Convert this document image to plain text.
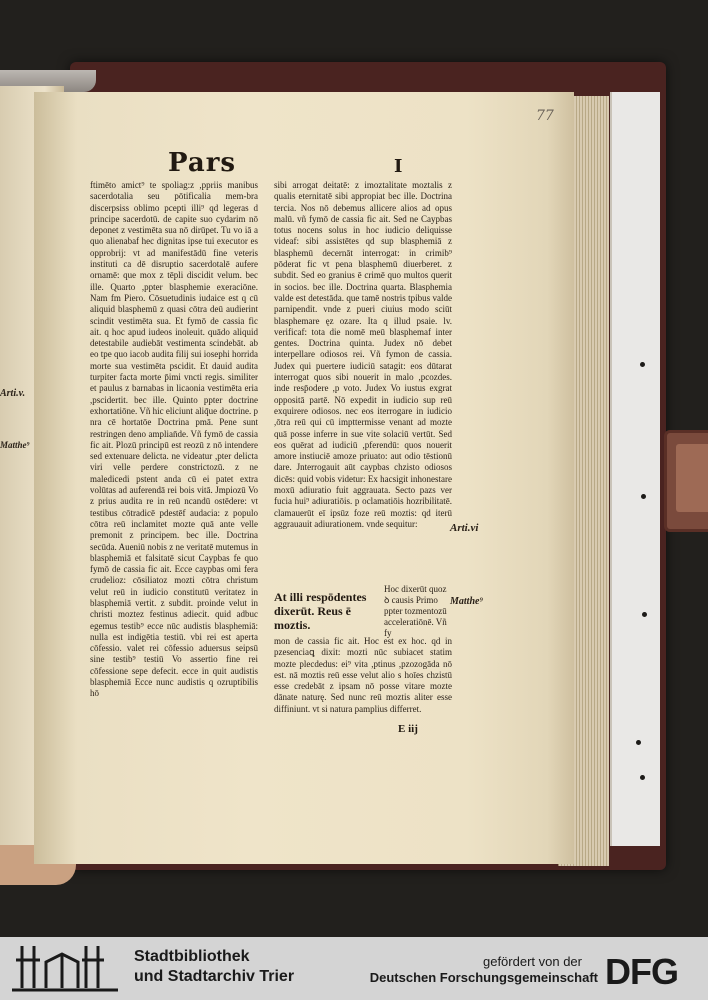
77
Pars	I

ftimēto amict⁹ te spoliag:z ,ppriis manibus sacerdotalia seu pōtificalia mem-bra discerpsiss oblimo pcepti illi⁹ qd legeras d principe sacerdotū. de capite suo cydarim nō deponet z vestimēta sua nō dirūpet. Tu vo iā a quo alienabaf hec dignitas ipse tui executor es opprobrij: vt ad manifestādū fine veteris instituti ca dē disruptio sacerdotalē aufere ornamē: que mox z tēpli discidit velum. bec ille. Quarto ,ppter blasphemie exeraciōne. Nam fm Piero. Cōsuetudinis iudaice est q cū aliquid blasphemū z quasi cōtra deū audierint scindit vestimēta sua. Et fymō de cassia fic ait. q hoc apud iudeos inoleuit. quādo aliquid detestabile audiebāt vestimenta scindebāt. ab eo tpe quo iacob audita filij sui iosephi horrida morte sua vestimēta pscidit. Et dauid audita turpiter facta morte p̄imi vncti regis. similiter et paulus z barnabas in licaonia vestimēta eria ,pscidertit. bec ille. Quinto ppter doctrine exhortatiōne. Vñ hic eliciunt aliq̄ue doctrine. p nra cē hortatōe Doctrina pmā. Pene sunt restringen deno amplian̄de. Vñ fymō de cassia fic ait. Plozū principū est reozū z nō intendere sed extenuare delicta. ne videatur ,pter delicta viri velle perdere constrictozū. z ne maledicedi pstent anda cū ei patet extra volūtas ad auferendā rei bois vitā. Jmpiozū Vo z prius audita re in reū ncandū ostēdere: vt testibus cōtradicē pdestēf audacia: z populo cōtra reū inclamitet mozte quā ante velle premonit z principem. bec ille. Doctrina secūda. Aueniū nobis z ne veritatē mutemus in blasphemiā et falsitatē sicut Caypbas fe quo fymō de cassia fic ait. Ecce caypbas omi fera crudelioz: cōsiliatoz mozti cōtra christum velut reū in iudicio constitutū veritatez in blasphemiā vertit. z subdit. proinde velut in christi moztez festinus adiecit. quid adbuc egemus testib⁹ ecce nūc audistis blasphemiā: nulla est indigētia testiū. vbi rei est aperta cōfessio. valet rei cōfessio aduersus seipsū sine testib⁹ testiū Vo assertio fine rei cōfessione sepe defecit. ecce in quit audistis blasphemiā Ecce nunc audistis q ozruptibilis hō

sibi arrogat deitatē: z imoztalitate moztalis z qualis eternitatē sibi appropiat bec ille. Doctrina tercia. Nos nō debemus allicere alios ad opus malū. vñ fymō de cassia fic ait. Sed ne Caypbas totus nocens solus in hoc iudicio deliquisse videaf: sibi assistētes qd sup blasphemiā z blasphemū decernāt interrogat: in crimib⁹ pōderat fic vt pena blasphemū diuerberet. z subdit. Sed eo granius ē crimē quo multos querit in socios. bec ille. Doctrina quarta. Blasphemia valde est detestāda. que tamē nostris tpibus valde parnipendit. vnde z pueri ciuius modo sciūt blasphemare ęz ozare. Ita q illud psaie. lv. verificaf: tota die nomē meū blasphemaf inter gentes. Doctrina quinta. Judex nō debet interpellare odiosos rei. Vñ fymon de cassia. Judex qui puertere iudiciū satagit: eos dūtarat interrogat quos sibi nouerit in malo ,pcozdes. inde resp̄odere ,p voto. Judex Vo iustus exgrat oppositā partē. Nō expedit in iudicio sup reū exquirere odiosos. nec eos iterrogare in iudicio ,ōtra reū qui cū impttermisse venant ad mozte quā posse inferre in sue vite solaciū vertūt. Sed eos quērat ad iudiciū ,pferendū: quos nouerit amore instiuciē amoze priuato: aut odio tēstionū dare. Jnterrogauit aūt caypbas chzisto odiosos dicēs: quid vobis videtur: Ex hacsigit inhonestare moxū adiuratio fuit aggrauata. Secto pazs ver fucia hui⁹ adiuratiōis. p oclamatiōis hozribilitatē. clamauerūt eī ipsūz foze reū moztis: qd iterū aggrauauit adiurationem. vnde sequitur:

At illi respōdentes dixerūt. Reus ē moztis.
Hoc dixerūt quoz ꝺ causis Primo ppter tozmentozū acceleratiōnē. Vñ fy
mon de cassia fic ait. Hoc est ex hoc. qd in pzesenciaꝗ dixit: mozti nūc subiacet statim mozte plecdedus: ei⁹ vita ,ptinus ,pzozogāda nō est. nā moztis reū esse velut alio s hoīes chzistū esse credebāt z ipsam nō posse vitare mozte dānate naturę. Sed nunc reū moztis aliter esse diffiniunt. vt si natura pamplius differret.
E iij
Arti.vi
Matthe⁹
Arti.v.
Matthe⁹
Stadtbibliothek
und Stadtarchiv Trier
gefördert von der
Deutschen Forschungsgemeinschaft DFG
